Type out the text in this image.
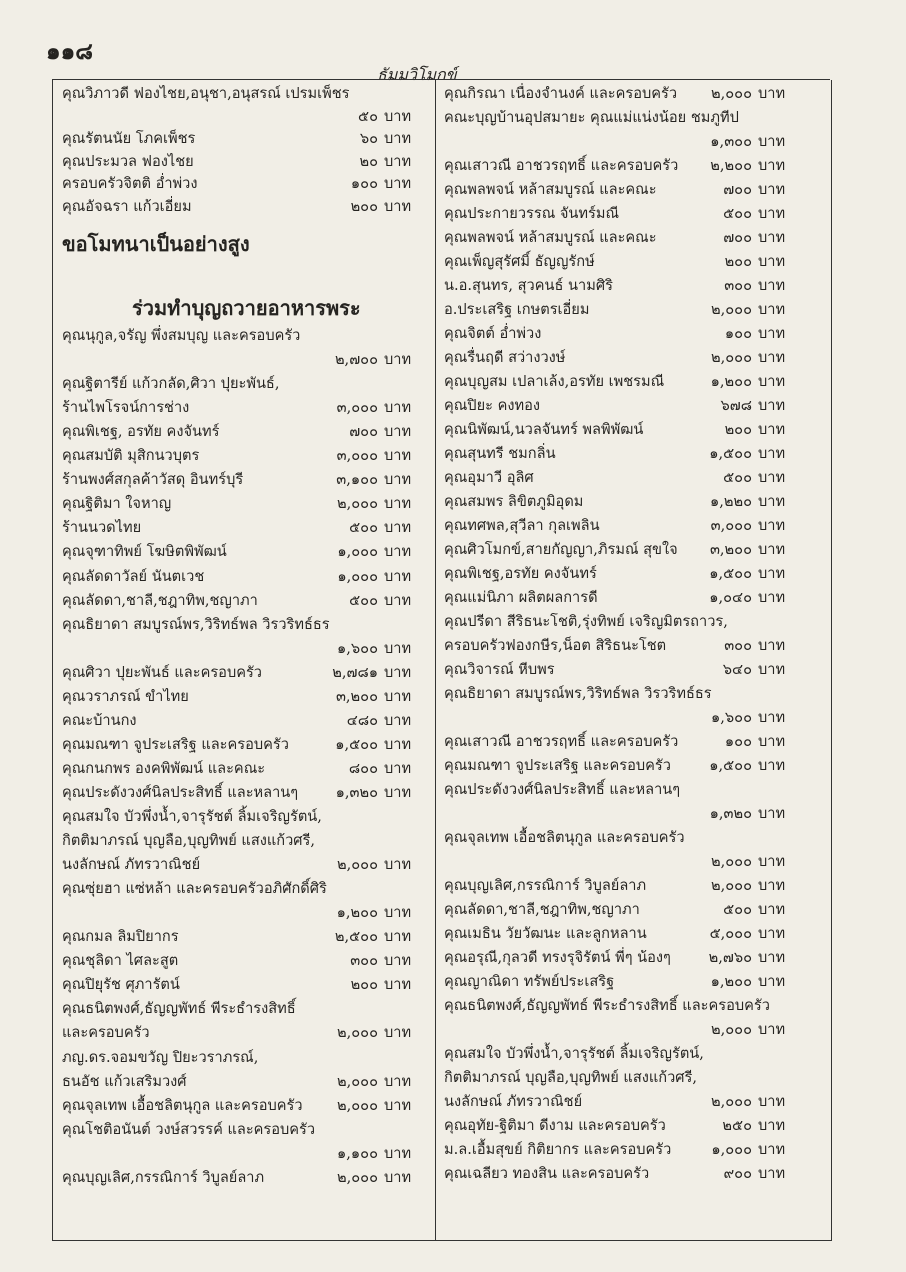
๑๑๘
ธัมมวิโมกข์
คุณวิภาวดี ฟองไชย,อนุชา,อนุสรณ์ เปรมเพ็ชร
๕๐ บาท
คุณรัตนนัย โภคเพ็ชร	๖๐ บาท
คุณประมวล ฟองไชย	๒๐ บาท
ครอบครัวจิตติ อ่ำพ่วง	๑๐๐ บาท
คุณอัจฉรา แก้วเอี่ยม	๒๐๐ บาท
คุณนุกูล,จรัญ พึ่งสมบุญ และครอบครัว
๒,๗๐๐ บาท
คุณฐิตารีย์ แก้วกลัด,ศิวา ปุยะพันธ์,
ร้านไพโรจน์การช่าง	๓,๐๐๐ บาท
คุณพิเชฐ, อรทัย คงจันทร์	๗๐๐ บาท
คุณสมบัติ มุสิกนวบุตร	๓,๐๐๐ บาท
ร้านพงศ์สกุลค้าวัสดุ อินทร์บุรี	๓,๑๐๐ บาท
คุณฐิติมา ใจหาญ	๒,๐๐๐ บาท
ร้านนวดไทย	๕๐๐ บาท
คุณจุฑาทิพย์ โฆษิตพิพัฒน์	๑,๐๐๐ บาท
คุณลัดดาวัลย์ นันตเวช	๑,๐๐๐ บาท
คุณลัดดา,ชาลี,ชฎาทิพ,ชญาภา	๕๐๐ บาท
คุณธิยาดา สมบูรณ์พร,วิริทธ์พล วิรวริทธ์ธร
๑,๖๐๐ บาท
คุณศิวา ปุยะพันธ์ และครอบครัว	๒,๗๘๑ บาท
คุณวราภรณ์ ขำไทย	๓,๒๐๐ บาท
คณะบ้านกง	๔๘๐ บาท
คุณมณฑา จูประเสริฐ และครอบครัว	๑,๕๐๐ บาท
คุณกนกพร องคพิพัฒน์ และคณะ	๘๐๐ บาท
คุณประดังวงศ์นิลประสิทธิ์ และหลานๆ	๑,๓๒๐ บาท
คุณสมใจ บัวพึ่งน้ำ,จารุรัชต์ ลิ้มเจริญรัตน์,
กิตติมาภรณ์ บุญลือ,บุญทิพย์ แสงแก้วศรี,
นงลักษณ์ ภัทรวาณิชย์	๒,๐๐๐ บาท
คุณซุ่ยฮา แซ่หล้า และครอบครัวอภิศักดิ์ศิริ
๑,๒๐๐ บาท
คุณกมล ลิมปิยากร	๒,๕๐๐ บาท
คุณชุลิดา ไศละสูต	๓๐๐ บาท
คุณปิยุรัช ศุภารัตน์	๒๐๐ บาท
คุณธนิตพงศ์,ธัญญพัทธ์ พีระธำรงสิทธิ์
และครอบครัว	๒,๐๐๐ บาท
ภญ.ดร.จอมขวัญ ปิยะวราภรณ์,
ธนอัช แก้วเสริมวงศ์	๒,๐๐๐ บาท
คุณจุลเทพ เอื้อชลิตนุกูล และครอบครัว	๒,๐๐๐ บาท
คุณโชติอนันต์ วงษ์สวรรค์ และครอบครัว
๑,๑๐๐ บาท
คุณบุญเลิศ,กรรณิการ์ วิบูลย์ลาภ	๒,๐๐๐ บาท
คุณกิรณา เนื่องจำนงค์ และครอบครัว	๒,๐๐๐ บาท
คณะบุญบ้านอุปสมายะ คุณแม่แน่งน้อย ชมภูทีป
๑,๓๐๐ บาท
คุณเสาวณี อาชวรฤทธิ์ และครอบครัว	๒,๒๐๐ บาท
คุณพลพจน์ หล้าสมบูรณ์ และคณะ	๗๐๐ บาท
คุณประกายวรรณ จันทร์มณี	๕๐๐ บาท
คุณพลพจน์ หล้าสมบูรณ์ และคณะ	๗๐๐ บาท
คุณเพ็ญสุรัศมิ์ ธัญญรักษ์	๒๐๐ บาท
น.อ.สุนทร, สุวคนธ์ นามศิริ	๓๐๐ บาท
อ.ประเสริฐ เกษตรเอี่ยม	๒,๐๐๐ บาท
คุณจิตต์ อ่ำพ่วง	๑๐๐ บาท
คุณรื่นฤดี สว่างวงษ์	๒,๐๐๐ บาท
คุณบุญสม เปลาเล้ง,อรทัย เพชรมณี	๑,๒๐๐ บาท
คุณปิยะ คงทอง	๖๗๘ บาท
คุณนิพัฒน์,นวลจันทร์ พลพิพัฒน์	๒๐๐ บาท
คุณสุนทรี ชมกลิ่น	๑,๕๐๐ บาท
คุณอุมาวี อุลิศ	๕๐๐ บาท
คุณสมพร ลิขิตภูมิอุดม	๑,๒๒๐ บาท
คุณทศพล,สุวีลา กุลเพลิน	๓,๐๐๐ บาท
คุณศิวโมกข์,สายกัญญา,ภิรมณ์ สุขใจ	๓,๒๐๐ บาท
คุณพิเชฐ,อรทัย คงจันทร์	๑,๕๐๐ บาท
คุณแม่นิภา ผลิตผลการดี	๑,๐๔๐ บาท
คุณปรีดา สีริธนะโชติ,รุ่งทิพย์ เจริญมิตรถาวร,
ครอบครัวฟองกษีร,น็อต สิริธนะโชต	๓๐๐ บาท
คุณวิจารณ์ หีบพร	๖๔๐ บาท
คุณธิยาดา สมบูรณ์พร,วิริทธ์พล วิรวริทธ์ธร
๑,๖๐๐ บาท
คุณเสาวณี อาชวรฤทธิ์ และครอบครัว	๑๐๐ บาท
คุณมณฑา จูประเสริฐ และครอบครัว	๑,๕๐๐ บาท
คุณประดังวงศ์นิลประสิทธิ์ และหลานๆ
๑,๓๒๐ บาท
คุณจุลเทพ เอื้อชลิตนุกูล และครอบครัว
๒,๐๐๐ บาท
คุณบุญเลิศ,กรรณิการ์ วิบูลย์ลาภ	๒,๐๐๐ บาท
คุณลัดดา,ชาลี,ชฎาทิพ,ชญาภา	๕๐๐ บาท
คุณเมธิน วัยวัฒนะ และลูกหลาน	๕,๐๐๐ บาท
คุณอรุณี,กุลวดี ทรงรุจิรัตน์ พี่ๆ น้องๆ	๒,๗๖๐ บาท
คุณญาณิดา ทรัพย์ประเสริฐ	๑,๒๐๐ บาท
คุณธนิตพงศ์,ธัญญพัทธ์ พีระธำรงสิทธิ์ และครอบครัว
๒,๐๐๐ บาท
คุณสมใจ บัวพึ่งน้ำ,จารุรัชต์ ลิ้มเจริญรัตน์,
กิตติมาภรณ์ บุญลือ,บุญทิพย์ แสงแก้วศรี,
นงลักษณ์ ภัทรวาณิชย์	๒,๐๐๐ บาท
คุณอุทัย-ฐิติมา ดีงาม และครอบครัว	๒๕๐ บาท
ม.ล.เอื้มสุขย์ กิติยากร และครอบครัว	๑,๐๐๐ บาท
คุณเฉลียว ทองสิน และครอบครัว	๙๐๐ บาท
ขอโมทนาเป็นอย่างสูง
ร่วมทำบุญถวายอาหารพระ
